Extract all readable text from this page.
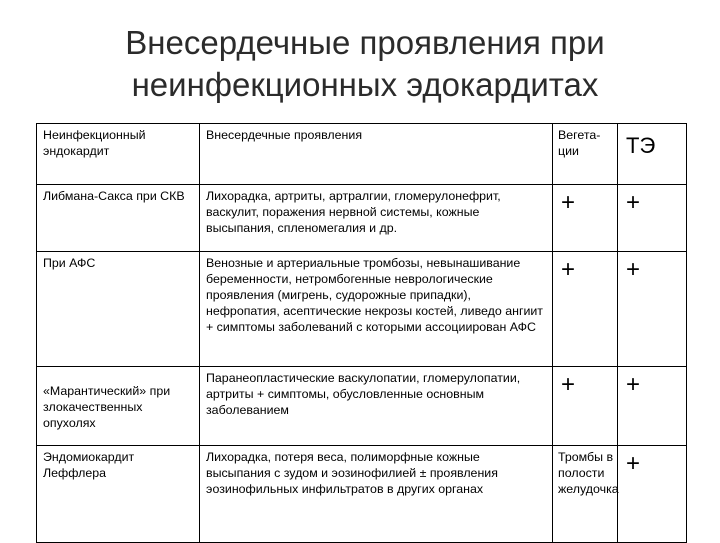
Внесердечные проявления при
неинфекционных эдокардитах
Неинфекционный эндокардит	Внесердечные проявления	Вегета-ции	ТЭ
Либмана-Сакса при СКВ	Лихорадка, артриты, артралгии, гломерулонефрит, васкулит, поражения нервной системы, кожные высыпания, спленомегалия и др.	+	+
При АФС	Венозные и артериальные тромбозы, невынашивание беременности, нетромбогенные неврологические проявления (мигрень, судорожные припадки), нефропатия, асептические некрозы костей, ливедо ангиит + симптомы заболеваний с которыми ассоциирован АФС	+	+
«Марантический» при злокачественных опухолях	Паранеопластические васкулопатии, гломерулопатии, артриты + симптомы, обусловленные основным заболеванием	+	+
Эндомиокардит Леффлера	Лихорадка, потеря веса, полиморфные кожные высыпания с зудом и эозинофилией ± проявления эозинофильных инфильтратов в других органах	Тромбы в полости желудочка	+
